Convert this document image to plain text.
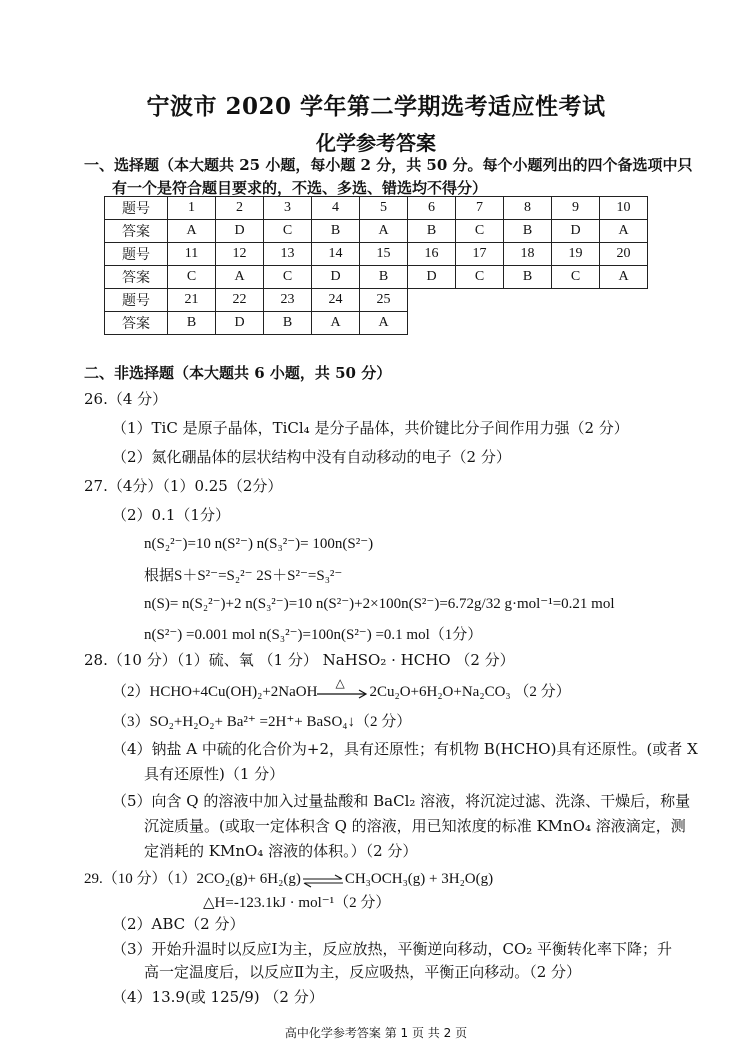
宁波市 2020 学年第二学期选考适应性考试
化学参考答案
一、选择题（本大题共 25 小题，每小题 2 分，共 50 分。每个小题列出的四个备选项中只
有一个是符合题目要求的，不选、多选、错选均不得分）
题号	1	2	3	4	5	6	7	8	9	10
答案	A	D	C	B	A	B	C	B	D	A
题号	11	12	13	14	15	16	17	18	19	20
答案	C	A	C	D	B	D	C	B	C	A
题号	21	22	23	24	25					
答案	B	D	B	A	A					
二、非选择题（本大题共 6 小题，共 50 分）
26.（4 分）
（1）TiC 是原子晶体，TiCl₄ 是分子晶体，共价键比分子间作用力强（2 分）
（2）氮化硼晶体的层状结构中没有自动移动的电子（2 分）
27.（4分）（1）0.25（2分）
（2）0.1（1分）
n(S₂²⁻)=10 n(S²⁻) n(S₃²⁻)= 100n(S²⁻)
根据S＋S²⁻=S₂²⁻ 2S＋S²⁻=S₃²⁻
n(S)= n(S₂²⁻)+2 n(S₃²⁻)=10 n(S²⁻)+2×100n(S²⁻)=6.72g/32 g·mol⁻¹=0.21 mol
n(S²⁻) =0.001 mol n(S₃²⁻)=100n(S²⁻) =0.1 mol（1分）
28.（10 分）（1）硫、氧 （1 分） NaHSO₂ · HCHO （2 分）
（2）HCHO+4Cu(OH)₂+2NaOH
△
2Cu₂O+6H₂O+Na₂CO₃ （2 分）
（3）SO₂+H₂O₂+ Ba²⁺ =2H⁺+ BaSO₄↓（2 分）
（4）钠盐 A 中硫的化合价为+2，具有还原性；有机物 B(HCHO)具有还原性。(或者 X
具有还原性)（1 分）
（5）向含 Q 的溶液中加入过量盐酸和 BaCl₂ 溶液，将沉淀过滤、洗涤、干燥后，称量
沉淀质量。(或取一定体积含 Q 的溶液，用已知浓度的标准 KMnO₄ 溶液滴定，测
定消耗的 KMnO₄ 溶液的体积。）（2 分）
29.（10 分）（1）2CO₂(g)+ 6H₂(g)⇌CH₃OCH₃(g) + 3H₂O(g)
△H=-123.1kJ · mol⁻¹（2 分）
（2）ABC（2 分）
（3）开始升温时以反应Ⅰ为主，反应放热，平衡逆向移动，CO₂ 平衡转化率下降；升
高一定温度后，以反应Ⅱ为主，反应吸热，平衡正向移动。（2 分）
（4）13.9(或 125/9) （2 分）
高中化学参考答案 第 1 页 共 2 页
